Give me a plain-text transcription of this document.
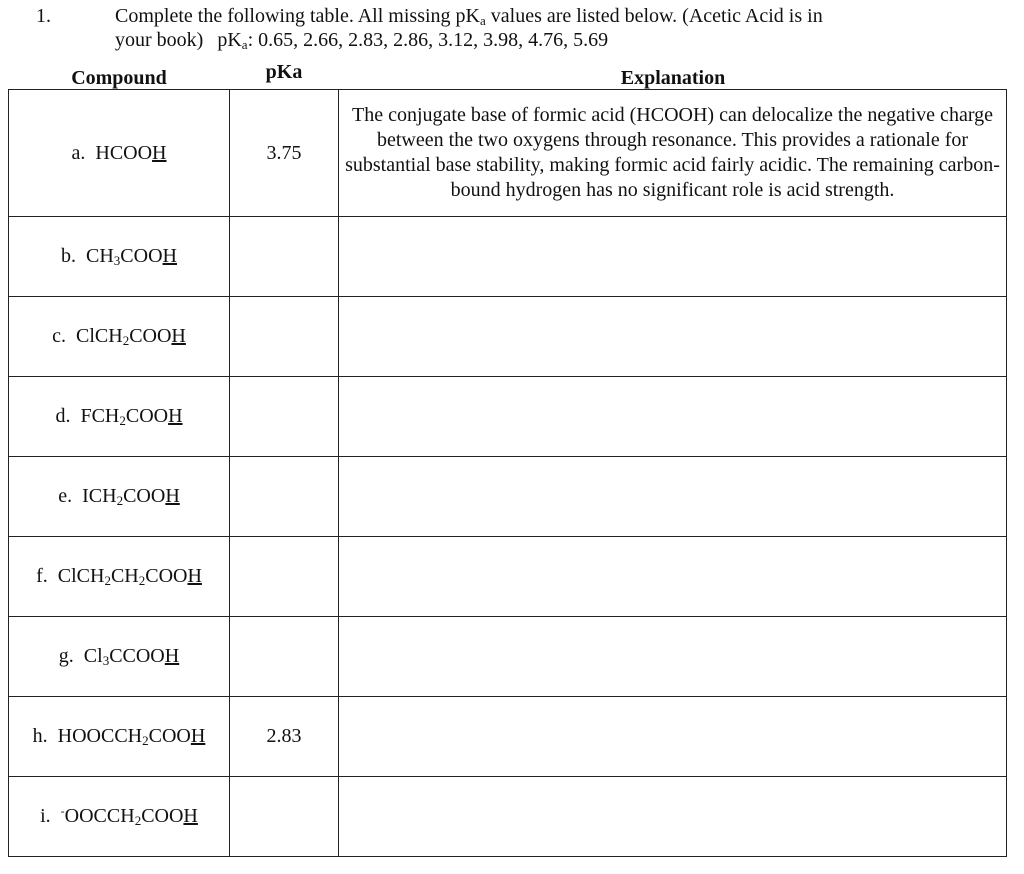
1.	Complete the following table. All missing $pK_a$ values are listed below. (Acetic Acid is in
your book) $pK_a$: 0.65, 2.66, 2.83, 2.86, 3.12, 3.98, 4.76, 5.69
Compound	pKa	Explanation
a. HCOOH	3.75	The conjugate base of formic acid (HCOOH) can delocalize the negative charge between the two oxygens through resonance. This provides a rationale for substantial base stability, making formic acid fairly acidic. The remaining carbon-bound hydrogen has no significant role is acid strength.
b. $CH_3COOH$		
c. ClCH$_2$COOH		
d. $FCH_2COOH$		
e. $ICH_2COOH$		
f. $ClCH_2CH_2COOH$		
g. $Cl_3CCOOH$		
h. $HOOCCH_2COOH$	2.83	
i. $^-OOCCH_2COOH$		
